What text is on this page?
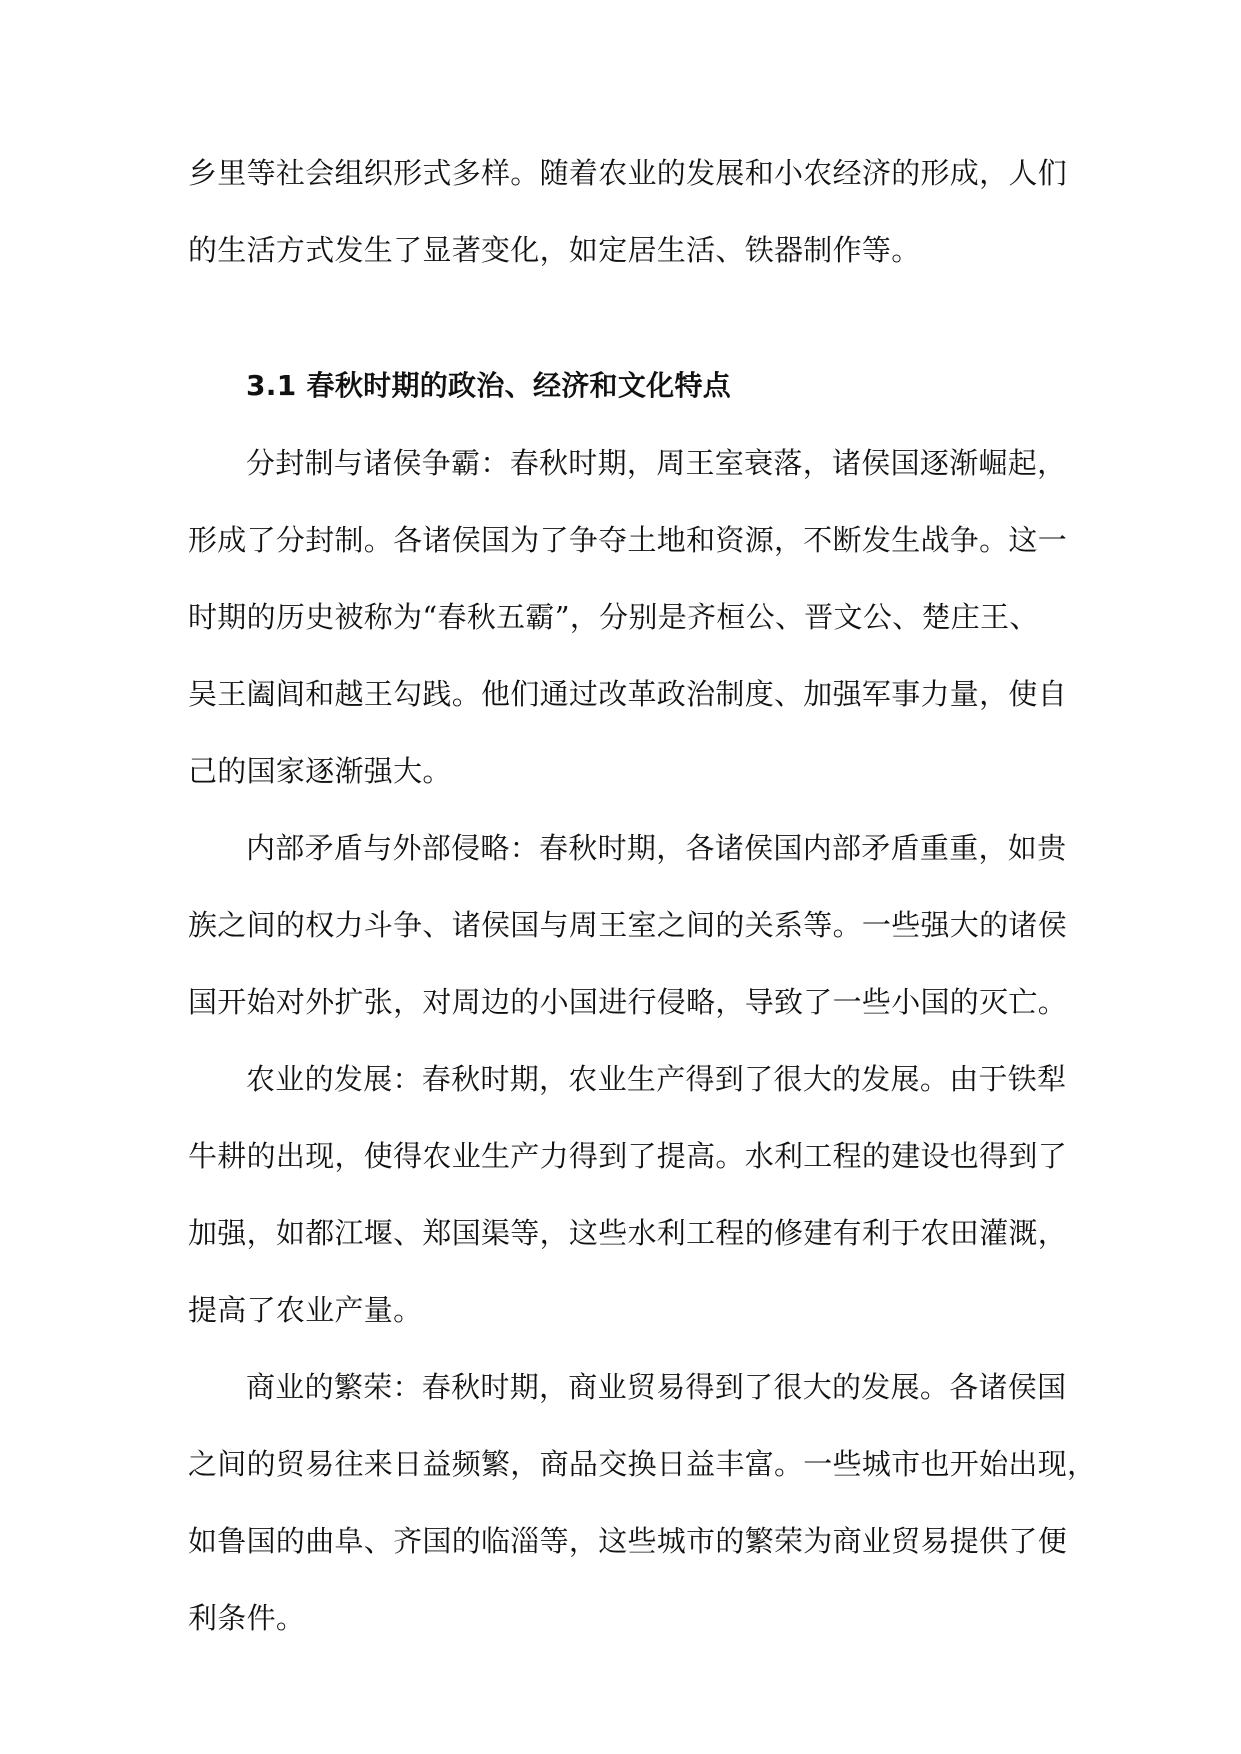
乡里等社会组织形式多样。随着农业的发展和小农经济的形成，人们
的生活方式发生了显著变化，如定居生活、铁器制作等。
3.1 春秋时期的政治、经济和文化特点
分封制与诸侯争霸：春秋时期，周王室衰落，诸侯国逐渐崛起，
形成了分封制。各诸侯国为了争夺土地和资源，不断发生战争。这一
时期的历史被称为“春秋五霸”，分别是齐桓公、晋文公、楚庄王、
吴王阖闾和越王勾践。他们通过改革政治制度、加强军事力量，使自
己的国家逐渐强大。
内部矛盾与外部侵略：春秋时期，各诸侯国内部矛盾重重，如贵
族之间的权力斗争、诸侯国与周王室之间的关系等。一些强大的诸侯
国开始对外扩张，对周边的小国进行侵略，导致了一些小国的灭亡。
农业的发展：春秋时期，农业生产得到了很大的发展。由于铁犁
牛耕的出现，使得农业生产力得到了提高。水利工程的建设也得到了
加强，如都江堰、郑国渠等，这些水利工程的修建有利于农田灌溉，
提高了农业产量。
商业的繁荣：春秋时期，商业贸易得到了很大的发展。各诸侯国
之间的贸易往来日益频繁，商品交换日益丰富。一些城市也开始出现，
如鲁国的曲阜、齐国的临淄等，这些城市的繁荣为商业贸易提供了便
利条件。
